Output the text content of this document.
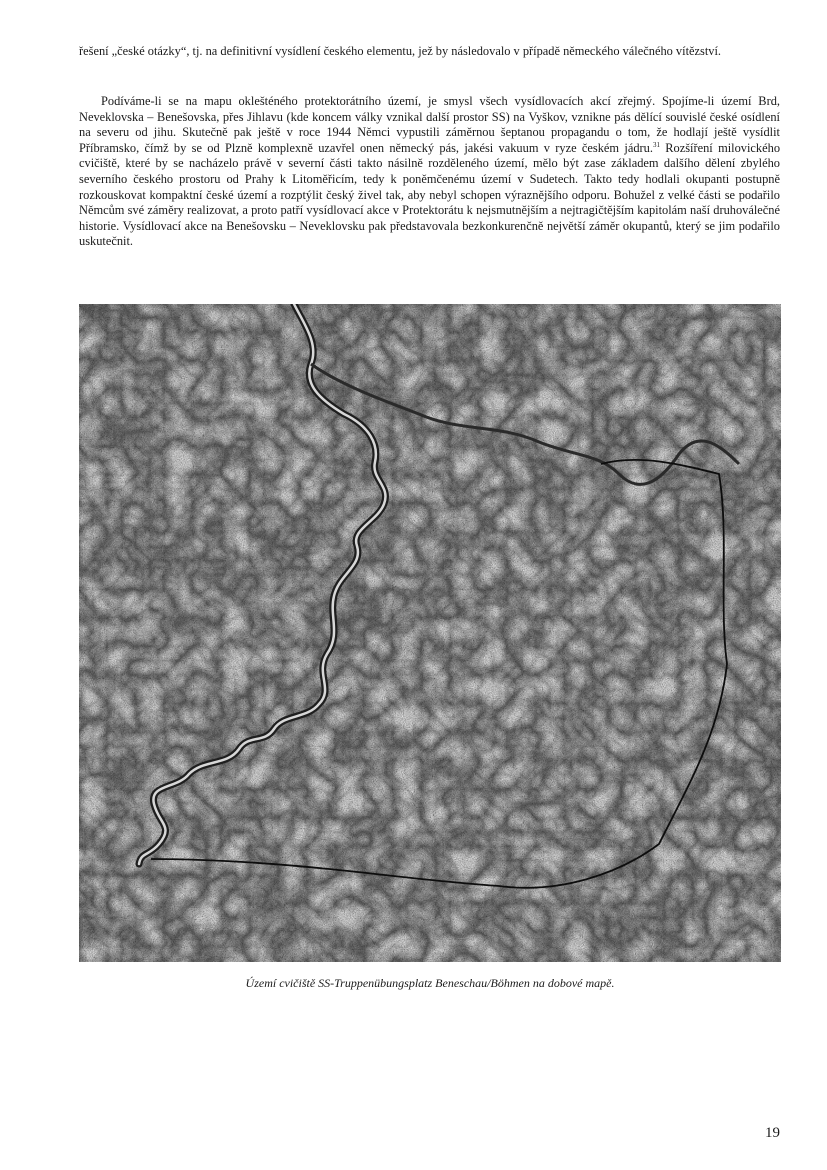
řešení „české otázky“, tj. na definitivní vysídlení českého elementu, jež by následovalo v případě německého válečného vítězství.
Podíváme-li se na mapu oklešténého protektorátního území, je smysl všech vysídlovacích akcí zřejmý. Spojíme-li území Brd, Neveklovska – Benešovska, přes Jihlavu (kde koncem války vznikal další prostor SS) na Vyškov, vznikne pás dělící souvislé české osídlení na severu od jihu. Skutečně pak ještě v roce 1944 Němci vypustili záměrnou šeptanou propagandu o tom, že hodlají ještě vysídlit Příbramsko, čímž by se od Plzně komplexně uzavřel onen německý pás, jakési vakuum v ryze českém jádru.$^{31}$ Rozšíření milovického cvičiště, které by se nacházelo právě v severní části takto násilně rozděleného území, mělo být zase základem dalšího dělení zbylého severního českého prostoru od Prahy k Litoměřicím, tedy k poněmčenému území v Sudetech. Takto tedy hodlali okupanti postupně rozkouskovat kompaktní české území a rozptýlit český živel tak, aby nebyl schopen výraznějšího odporu. Bohužel z velké části se podařilo Němcům své záměry realizovat, a proto patří vysídlovací akce v Protektorátu k nejsmutnějším a nejtragičtějším kapitolám naší druhoválečné historie. Vysídlovací akce na Benešovsku – Neveklovsku pak představovala bezkonkurenčně největší záměr okupantů, který se jim podařilo uskutečnit.
Území cvičiště SS-Truppenübungsplatz Beneschau/Böhmen na dobové mapě.
19
